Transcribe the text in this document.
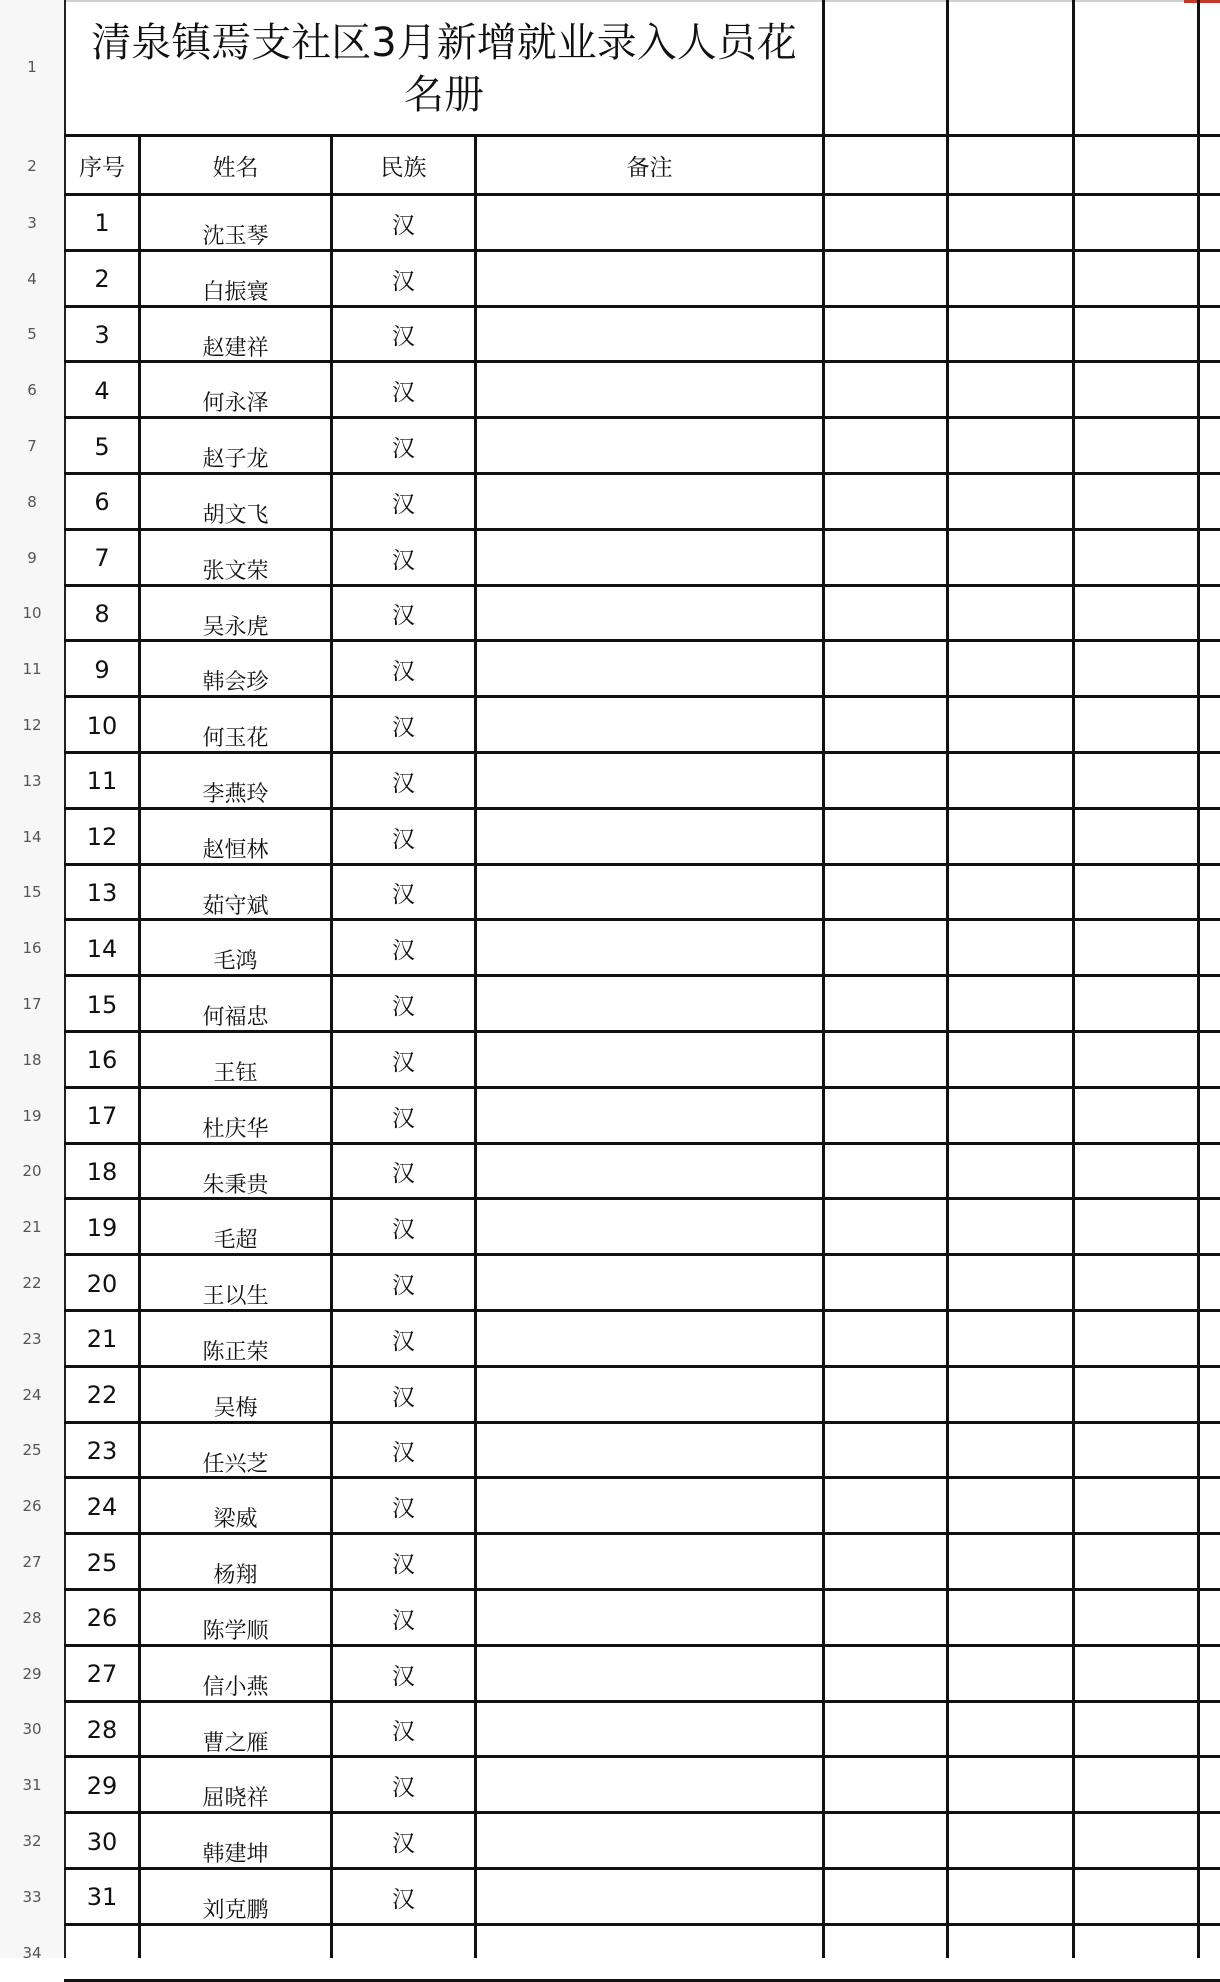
清泉镇焉支社区3月新增就业录入人员花
名册
序号	姓名	民族	备注
1
2
3
4
5
6
7
8
9
10
11
12
13
14
15
16
17
18
19
20
21
22
23
24
25
26
27
28
29
30
31
32
33
34
1	沈玉琴	汉
2	白振寰	汉
3	赵建祥	汉
4	何永泽	汉
5	赵子龙	汉
6	胡文飞	汉
7	张文荣	汉
8	吴永虎	汉
9	韩会珍	汉
10	何玉花	汉
11	李燕玲	汉
12	赵恒林	汉
13	茹守斌	汉
14	毛鸿	汉
15	何福忠	汉
16	王钰	汉
17	杜庆华	汉
18	朱秉贵	汉
19	毛超	汉
20	王以生	汉
21	陈正荣	汉
22	吴梅	汉
23	任兴芝	汉
24	梁威	汉
25	杨翔	汉
26	陈学顺	汉
27	信小燕	汉
28	曹之雁	汉
29	屈晓祥	汉
30	韩建坤	汉
31	刘克鹏	汉
